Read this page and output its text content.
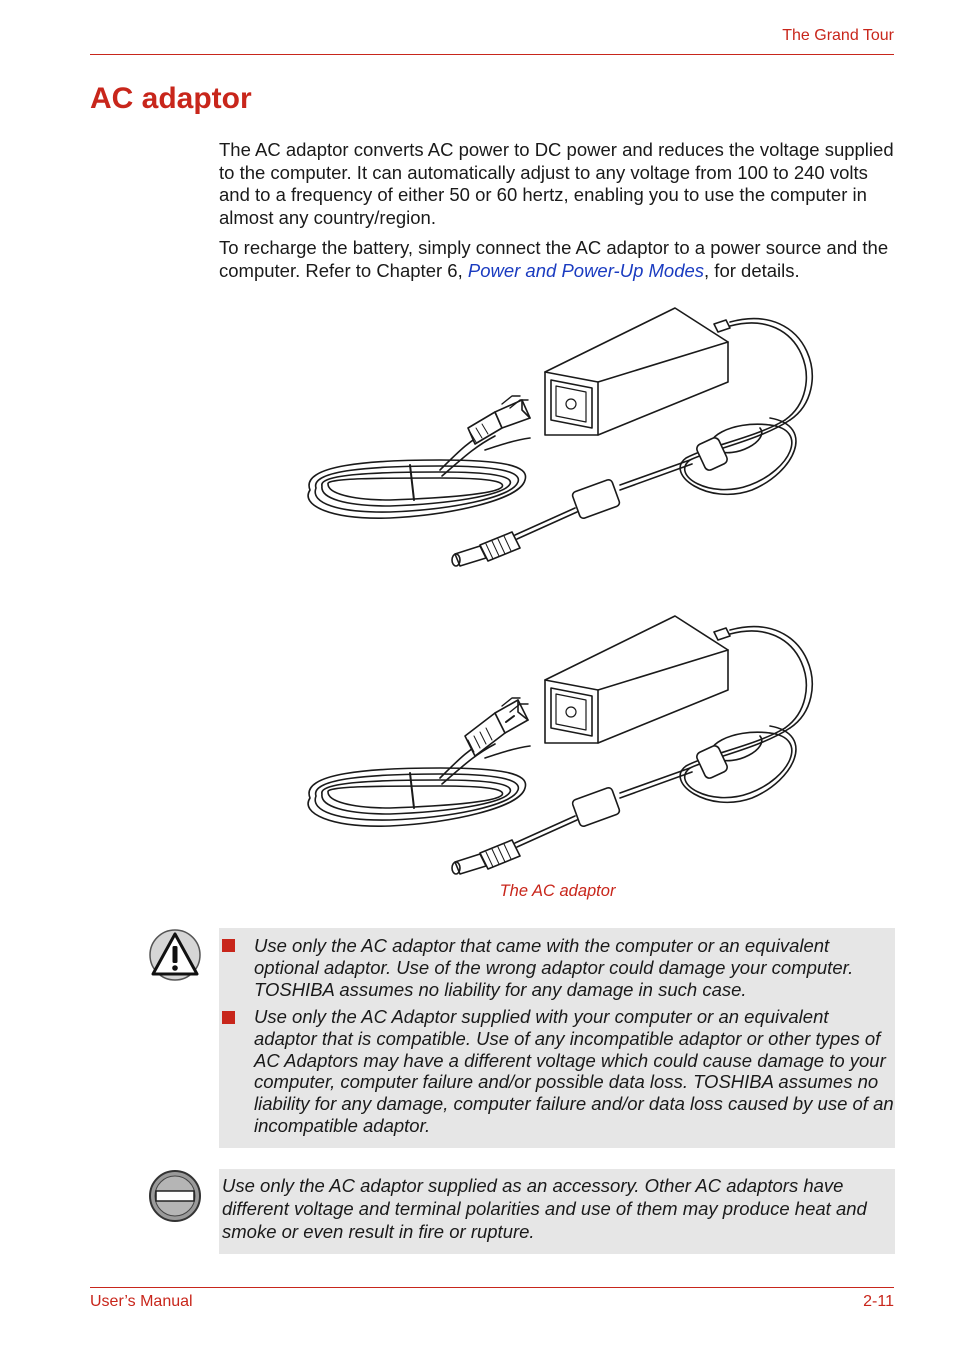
The Grand Tour
AC adaptor

The AC adaptor converts AC power to DC power and reduces the voltage supplied to the computer. It can automatically adjust to any voltage from 100 to 240 volts and to a frequency of either 50 or 60 hertz, enabling you to use the computer in almost any country/region.

To recharge the battery, simply connect the AC adaptor to a power source and the computer. Refer to Chapter 6, Power and Power-Up Modes, for details.

The AC adaptor

Use only the AC adaptor that came with the computer or an equivalent optional adaptor. Use of the wrong adaptor could damage your computer. TOSHIBA assumes no liability for any damage in such case.

Use only the AC Adaptor supplied with your computer or an equivalent adaptor that is compatible. Use of any incompatible adaptor or other types of AC Adaptors may have a different voltage which could cause damage to your computer, computer failure and/or possible data loss. TOSHIBA assumes no liability for any damage, computer failure and/or data loss caused by use of an incompatible adaptor.

Use only the AC adaptor supplied as an accessory. Other AC adaptors have different voltage and terminal polarities and use of them may produce heat and smoke or even result in fire or rupture.

User’s Manual	2-11
